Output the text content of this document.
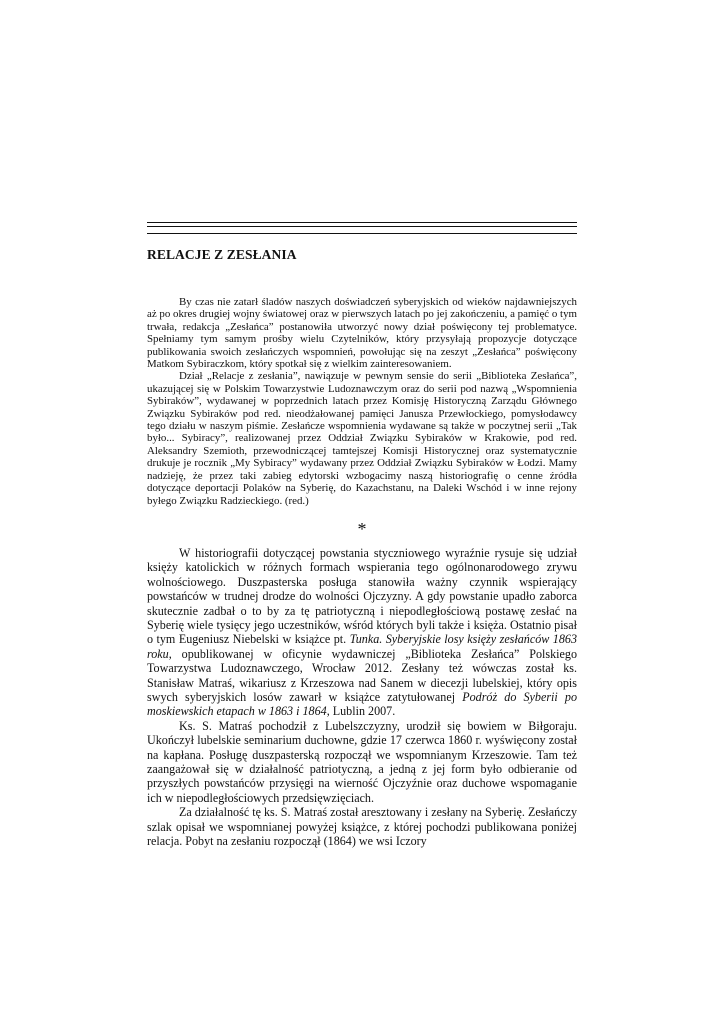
RELACJE Z ZESŁANIA

By czas nie zatarł śladów naszych doświadczeń syberyjskich od wieków najdawniejszych aż po okres drugiej wojny światowej oraz w pierwszych latach po jej zakończeniu, a pamięć o tym trwała, redakcja „Zesłańca” postanowiła utworzyć nowy dział poświęcony tej problematyce. Spełniamy tym samym prośby wielu Czytelników, który przysyłają propozycje dotyczące publikowania swoich zesłańczych wspomnień, powołując się na zeszyt „Zesłańca” poświęcony Matkom Sybiraczkom, który spotkał się z wielkim zainteresowaniem.

Dział „Relacje z zesłania”, nawiązuje w pewnym sensie do serii „Biblioteka Zesłańca”, ukazującej się w Polskim Towarzystwie Ludoznawczym oraz do serii pod nazwą „Wspomnienia Sybiraków”, wydawanej w poprzednich latach przez Komisję Historyczną Zarządu Głównego Związku Sybiraków pod red. nieodżałowanej pamięci Janusza Przewłockiego, pomysłodawcy tego działu w naszym piśmie. Zesłańcze wspomnienia wydawane są także w poczytnej serii „Tak było... Sybiracy”, realizowanej przez Oddział Związku Sybiraków w Krakowie, pod red. Aleksandry Szemioth, przewodniczącej tamtejszej Komisji Historycznej oraz systematycznie drukuje je rocznik „My Sybiracy” wydawany przez Oddział Związku Sybiraków w Łodzi. Mamy nadzieję, że przez taki zabieg edytorski wzbogacimy naszą historiografię o cenne źródła dotyczące deportacji Polaków na Syberię, do Kazachstanu, na Daleki Wschód i w inne rejony byłego Związku Radzieckiego. (red.)

*

W historiografii dotyczącej powstania styczniowego wyraźnie rysuje się udział księży katolickich w różnych formach wspierania tego ogólnonarodowego zrywu wolnościowego. Duszpasterska posługa stanowiła ważny czynnik wspierający powstańców w trudnej drodze do wolności Ojczyzny. A gdy powstanie upadło zaborca skutecznie zadbał o to by za tę patriotyczną i niepodległościową postawę zesłać na Syberię wiele tysięcy jego uczestników, wśród których byli także i księża. Ostatnio pisał o tym Eugeniusz Niebelski w książce pt. Tunka. Syberyjskie losy księży zesłańców 1863 roku, opublikowanej w oficynie wydawniczej „Biblioteka Zesłańca” Polskiego Towarzystwa Ludoznawczego, Wrocław 2012. Zesłany też wówczas został ks. Stanisław Matraś, wikariusz z Krzeszowa nad Sanem w diecezji lubelskiej, który opis swych syberyjskich losów zawarł w książce zatytułowanej Podróż do Syberii po moskiewskich etapach w 1863 i 1864, Lublin 2007.

Ks. S. Matraś pochodził z Lubelszczyzny, urodził się bowiem w Biłgoraju. Ukończył lubelskie seminarium duchowne, gdzie 17 czerwca 1860 r. wyświęcony został na kapłana. Posługę duszpasterską rozpoczął we wspomnianym Krzeszowie. Tam też zaangażował się w działalność patriotyczną, a jedną z jej form było odbieranie od przyszłych powstańców przysięgi na wierność Ojczyźnie oraz duchowe wspomaganie ich w niepodległościowych przedsięwzięciach.

Za działalność tę ks. S. Matraś został aresztowany i zesłany na Syberię. Zesłańczy szlak opisał we wspomnianej powyżej książce, z której pochodzi publikowana poniżej relacja. Pobyt na zesłaniu rozpoczął (1864) we wsi Iczory
